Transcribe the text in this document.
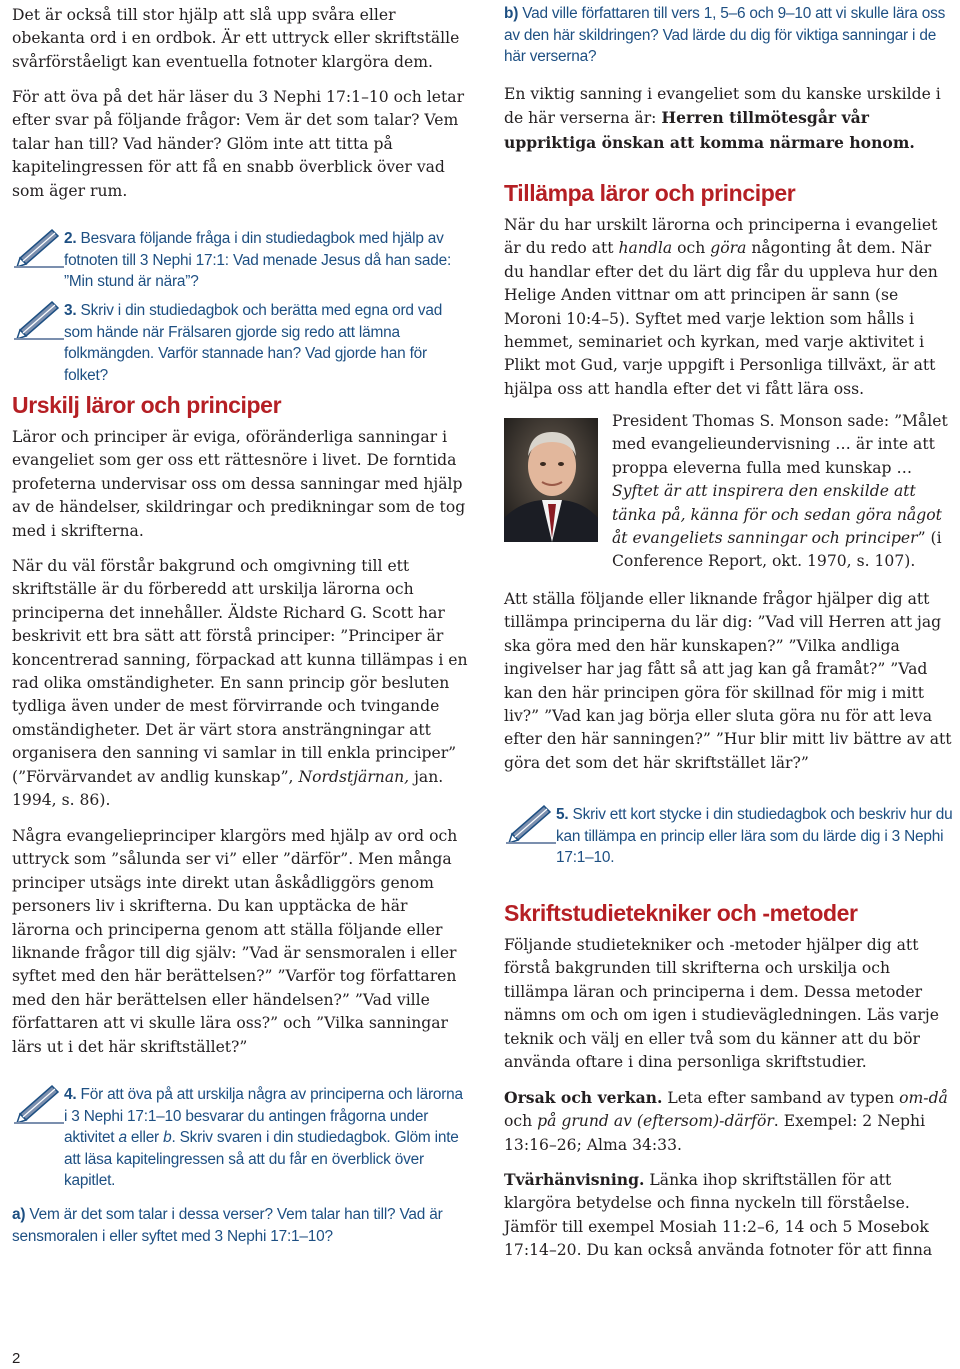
Det är också till stor hjälp att slå upp svåra eller obekanta ord i en ordbok. Är ett uttryck eller skriftställe svårförståeligt kan eventuella fotnoter klargöra dem.

För att öva på det här läser du 3 Nephi 17:1–10 och letar efter svar på följande frågor: Vem är det som talar? Vem talar han till? Vad händer? Glöm inte att titta på kapitelingressen för att få en snabb överblick över vad som äger rum.

2. Besvara följande fråga i din studiedagbok med hjälp av fotnoten till 3 Nephi 17:1: Vad menade Jesus då han sade: ”Min stund är nära”?

3. Skriv i din studiedagbok och berätta med egna ord vad som hände när Frälsaren gjorde sig redo att lämna folkmängden. Varför stannade han? Vad gjorde han för folket?

Urskilj läror och principer

Läror och principer är eviga, oföränderliga sanningar i evangeliet som ger oss ett rättesnöre i livet. De forntida profeterna undervisar oss om dessa sanningar med hjälp av de händelser, skildringar och predikningar som de tog med i skrifterna.

När du väl förstår bakgrund och omgivning till ett skriftställe är du förberedd att urskilja lärorna och principerna det innehåller. Äldste Richard G. Scott har beskrivit ett bra sätt att förstå principer: ”Principer är koncentrerad sanning, förpackad att kunna tillämpas i en rad olika omständigheter. En sann princip gör besluten tydliga även under de mest förvirrande och tvingande omständigheter. Det är värt stora ansträngningar att organisera den sanning vi samlar in till enkla principer” (”Förvärvandet av andlig kunskap”, Nordstjärnan, jan. 1994, s. 86).

Några evangelieprinciper klargörs med hjälp av ord och uttryck som ”sålunda ser vi” eller ”därför”. Men många principer utsägs inte direkt utan åskådliggörs genom personers liv i skrifterna. Du kan upptäcka de här lärorna och principerna genom att ställa följande eller liknande frågor till dig själv: ”Vad är sensmoralen i eller syftet med den här berättelsen?” ”Varför tog författaren med den här berättelsen eller händelsen?” ”Vad ville författaren att vi skulle lära oss?” och ”Vilka sanningar lärs ut i det här skriftstället?”

4. För att öva på att urskilja några av principerna och lärorna i 3 Nephi 17:1–10 besvarar du antingen frågorna under aktivitet a eller b. Skriv svaren i din studiedagbok. Glöm inte att läsa kapitelingressen så att du får en överblick över kapitlet.

a) Vem är det som talar i dessa verser? Vem talar han till? Vad är sensmoralen i eller syftet med 3 Nephi 17:1–10?

b) Vad ville författaren till vers 1, 5–6 och 9–10 att vi skulle lära oss av den här skildringen? Vad lärde du dig för viktiga sanningar i de här verserna?

En viktig sanning i evangeliet som du kanske urskilde i de här verserna är: Herren tillmötesgår vår uppriktiga önskan att komma närmare honom.

Tillämpa läror och principer

När du har urskilt lärorna och principerna i evangeliet är du redo att handla och göra någonting åt dem. När du handlar efter det du lärt dig får du uppleva hur den Helige Anden vittnar om att principen är sann (se Moroni 10:4–5). Syftet med varje lektion som hålls i hemmet, seminariet och kyrkan, med varje aktivitet i Plikt mot Gud, varje uppgift i Personliga tillväxt, är att hjälpa oss att handla efter det vi fått lära oss.

President Thomas S. Monson sade: ”Målet med evangelieundervisning … är inte att proppa eleverna fulla med kunskap … Syftet är att inspirera den enskilde att tänka på, känna för och sedan göra något åt evangeliets sanningar och principer” (i Conference Report, okt. 1970, s. 107).

Att ställa följande eller liknande frågor hjälper dig att tillämpa principerna du lär dig: ”Vad vill Herren att jag ska göra med den här kunskapen?” ”Vilka andliga ingivelser har jag fått så att jag kan gå framåt?” ”Vad kan den här principen göra för skillnad för mig i mitt liv?” ”Vad kan jag börja eller sluta göra nu för att leva efter den här sanningen?” ”Hur blir mitt liv bättre av att göra det som det här skriftstället lär?”

5. Skriv ett kort stycke i din studiedagbok och beskriv hur du kan tillämpa en princip eller lära som du lärde dig i 3 Nephi 17:1–10.

Skriftstudietekniker och -metoder

Följande studietekniker och -metoder hjälper dig att förstå bakgrunden till skrifterna och urskilja och tillämpa läran och principerna i dem. Dessa metoder nämns om och om igen i studievägledningen. Läs varje teknik och välj en eller två som du känner att du bör använda oftare i dina personliga skriftstudier.

Orsak och verkan. Leta efter samband av typen om-då och på grund av (eftersom)-därför. Exempel: 2 Nephi 13:16–26; Alma 34:33.

Tvärhänvisning. Länka ihop skriftställen för att klargöra betydelse och finna nyckeln till förståelse. Jämför till exempel Mosiah 11:2–6, 14 och 5 Mosebok 17:14–20. Du kan också använda fotnoter för att finna

2
